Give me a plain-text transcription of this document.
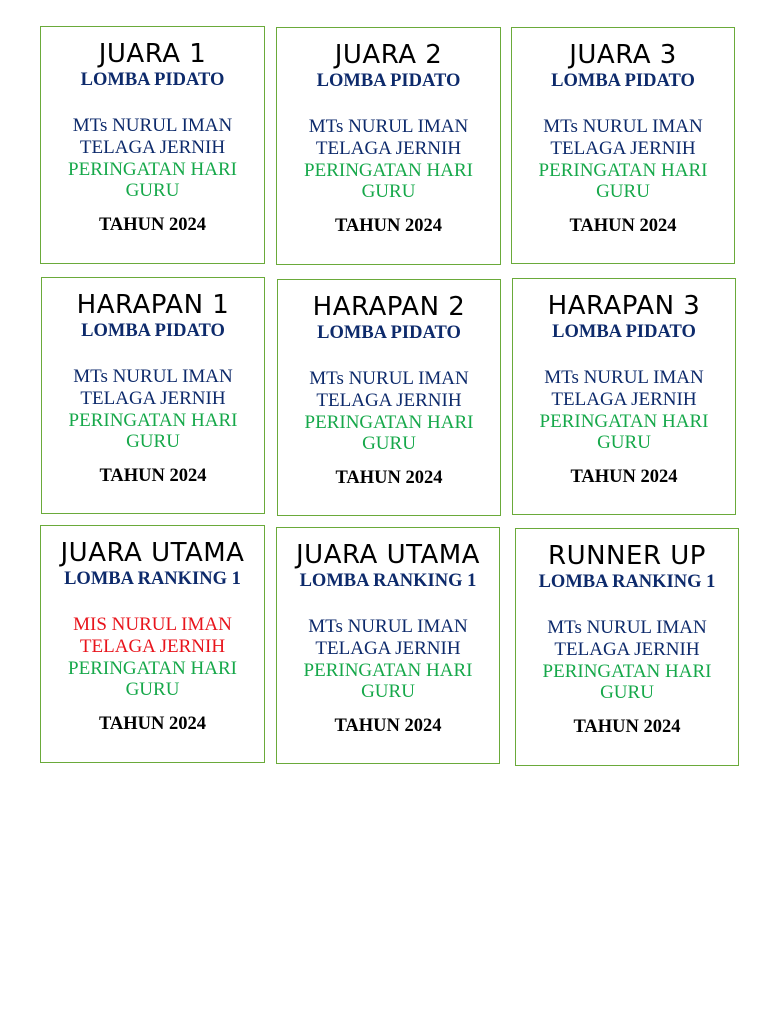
JUARA 1
LOMBA PIDATO
MTs NURUL IMAN
TELAGA JERNIH
PERINGATAN HARI
GURU
TAHUN 2024
JUARA 2
LOMBA PIDATO
MTs NURUL IMAN
TELAGA JERNIH
PERINGATAN HARI
GURU
TAHUN 2024
JUARA 3
LOMBA PIDATO
MTs NURUL IMAN
TELAGA JERNIH
PERINGATAN HARI
GURU
TAHUN 2024
HARAPAN 1
LOMBA PIDATO
MTs NURUL IMAN
TELAGA JERNIH
PERINGATAN HARI
GURU
TAHUN 2024
HARAPAN 2
LOMBA PIDATO
MTs NURUL IMAN
TELAGA JERNIH
PERINGATAN HARI
GURU
TAHUN 2024
HARAPAN 3
LOMBA PIDATO
MTs NURUL IMAN
TELAGA JERNIH
PERINGATAN HARI
GURU
TAHUN 2024
JUARA UTAMA
LOMBA RANKING 1
MIS NURUL IMAN
TELAGA JERNIH
PERINGATAN HARI
GURU
TAHUN 2024
JUARA UTAMA
LOMBA RANKING 1
MTs NURUL IMAN
TELAGA JERNIH
PERINGATAN HARI
GURU
TAHUN 2024
RUNNER UP
LOMBA RANKING 1
MTs NURUL IMAN
TELAGA JERNIH
PERINGATAN HARI
GURU
TAHUN 2024
